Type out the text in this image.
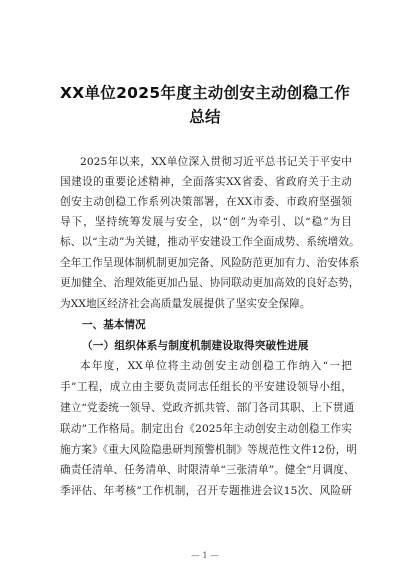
XX单位2025年度主动创安主动创稳工作
总结
2025年以来，XX单位深入贯彻习近平总书记关于平安中
国建设的重要论述精神，全面落实XX省委、省政府关于主动
创安主动创稳工作系列决策部署，在XX市委、市政府坚强领
导下，坚持统筹发展与安全，以“创”为牵引、以“稳”为目
标、以“主动”为关键，推动平安建设工作全面成势、系统增效。
全年工作呈现体制机制更加完备、风险防范更加有力、治安体系
更加健全、治理效能更加凸显、协同联动更加高效的良好态势，
为XX地区经济社会高质量发展提供了坚实安全保障。
一、基本情况
（一）组织体系与制度机制建设取得突破性进展
本年度，XX单位将主动创安主动创稳工作纳入“一把
手”工程，成立由主要负责同志任组长的平安建设领导小组，
建立“党委统一领导、党政齐抓共管、部门各司其职、上下贯通
联动”工作格局。制定出台《2025年主动创安主动创稳工作实
施方案》《重大风险隐患研判预警机制》等规范性文件12份，明
确责任清单、任务清单、时限清单“三张清单”。健全“月调度、
季评估、年考核”工作机制，召开专题推进会议15次、风险研
— 1 —
